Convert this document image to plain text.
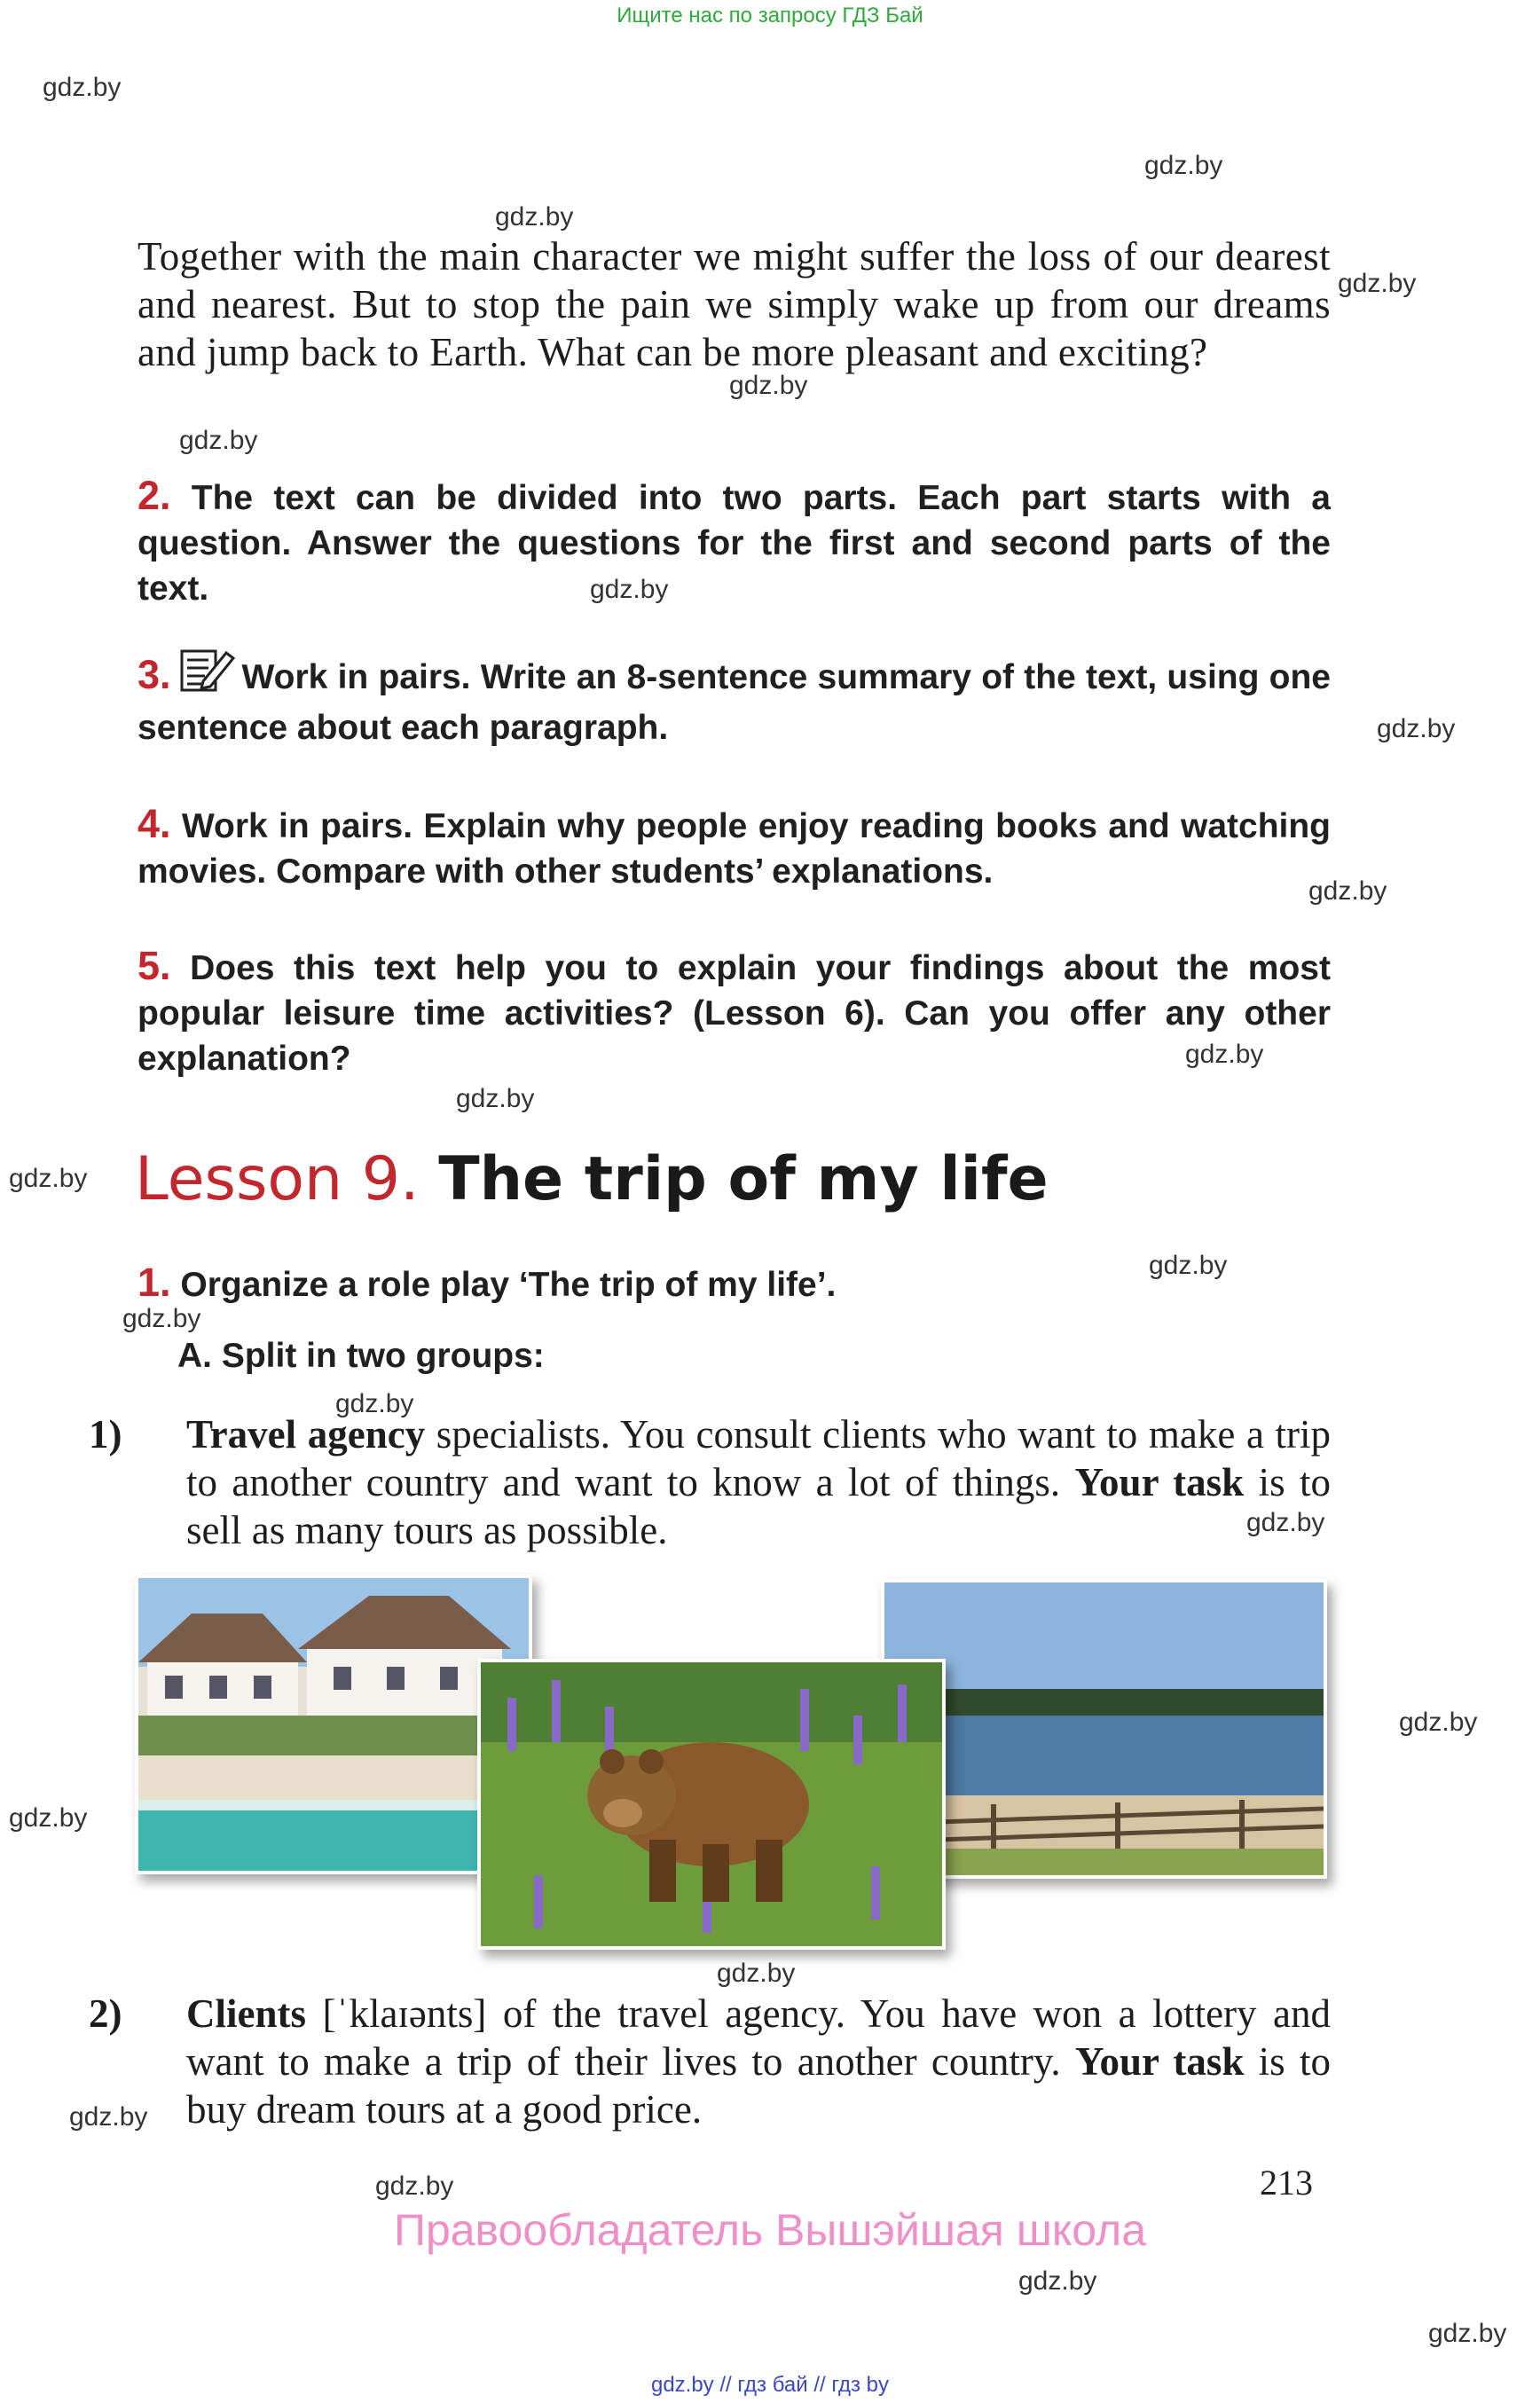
Ищите нас по запросу ГДЗ Бай
gdz.by
gdz.by
gdz.by
gdz.by
gdz.by
gdz.by
gdz.by
gdz.by
gdz.by
gdz.by
gdz.by
gdz.by
gdz.by
gdz.by
gdz.by
gdz.by
gdz.by
gdz.by
gdz.by
gdz.by
gdz.by
gdz.by
gdz.by
Together with the main character we might suffer the loss of our dearest and nearest. But to stop the pain we simply wake up from our dreams and jump back to Earth. What can be more pleasant and exciting?
2. The text can be divided into two parts. Each part starts with a question. Answer the questions for the first and second parts of the text.
3. Work in pairs. Write an 8-sentence summary of the text, using one sentence about each paragraph.
4. Work in pairs. Explain why people enjoy reading books and watching movies. Compare with other students’ explanations.
5. Does this text help you to explain your findings about the most popular leisure time activities? (Lesson 6). Can you offer any other explanation?
Lesson 9. The trip of my life
1. Organize a role play ‘The trip of my life’.
A. Split in two groups:
1) Travel agency specialists. You consult clients who want to make a trip to another country and want to know a lot of things. Your task is to sell as many tours as possible.
2) Clients [ˈklaɪənts] of the travel agency. You have won a lottery and want to make a trip of their lives to another country. Your task is to buy dream tours at a good price.
213
Правообладатель Вышэйшая школа
gdz.by // гдз бай // гдз by
